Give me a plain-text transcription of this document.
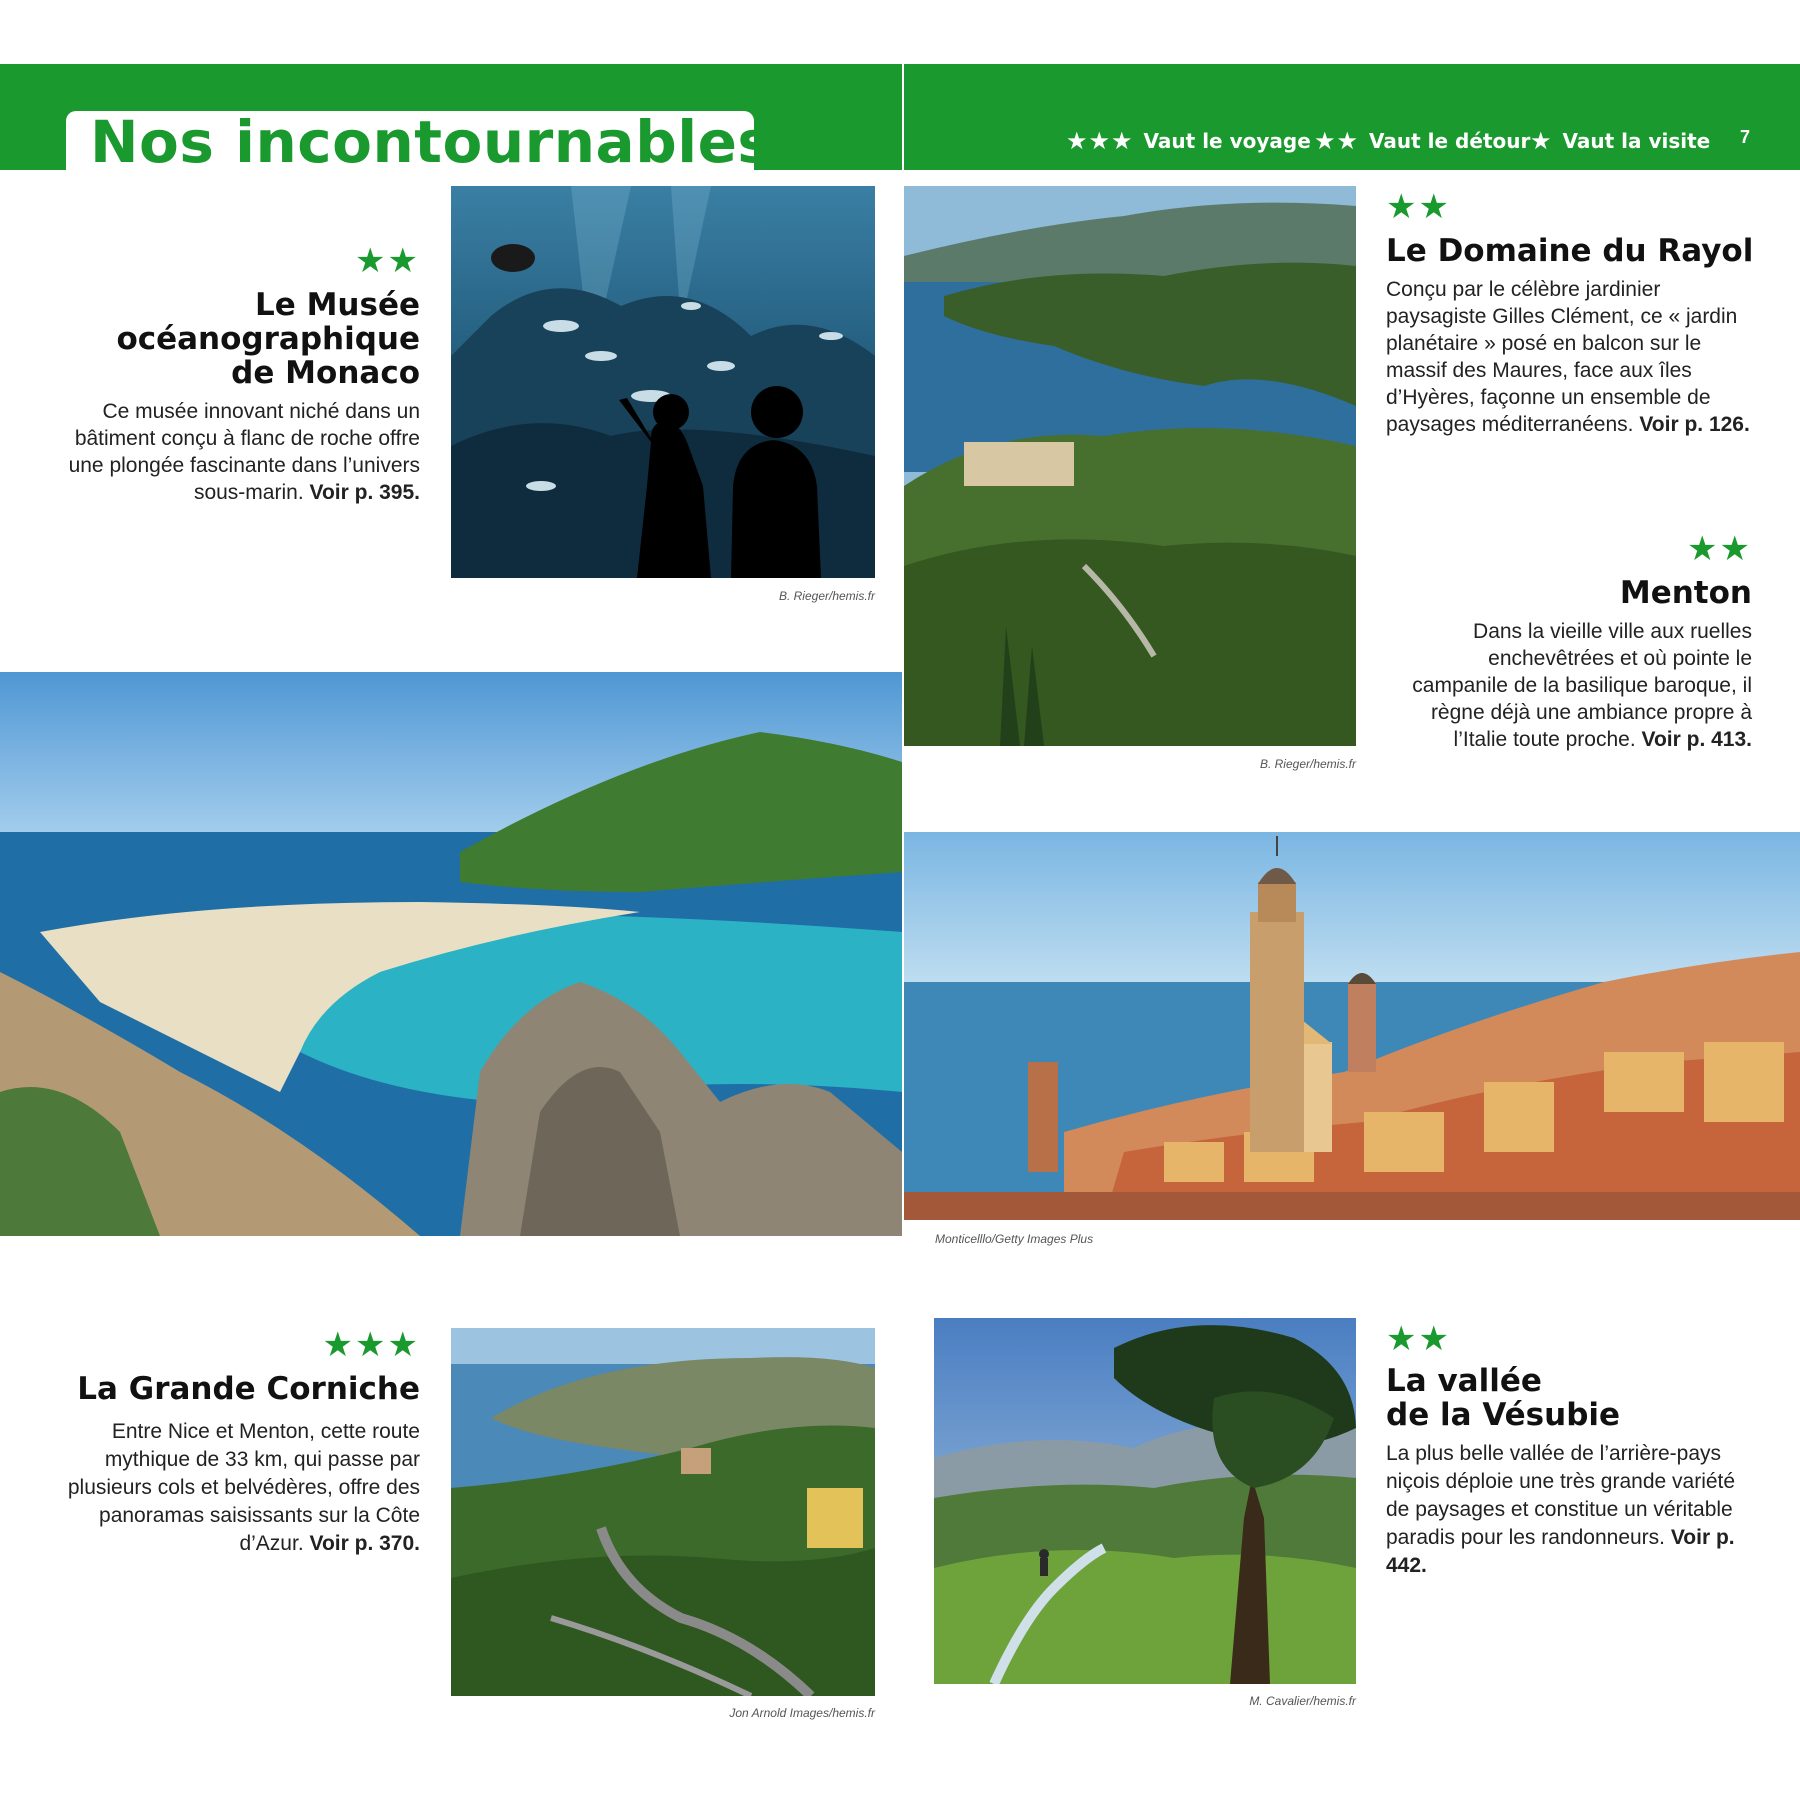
Nos incontournables	★★★ Vaut le voyage ★★ Vaut le détour ★ Vaut la visite 7
★★
Le Musée
océanographique
de Monaco
Ce musée innovant niché dans un bâtiment conçu à flanc de roche offre une plongée fascinante dans l’univers sous-marin. Voir p. 395.
B. Rieger/hemis.fr
B. Rieger/hemis.fr
★★
Le Domaine du Rayol
Conçu par le célèbre jardinier paysagiste Gilles Clément, ce « jardin planétaire » posé en balcon sur le massif des Maures, face aux îles d’Hyères, façonne un ensemble de paysages méditerranéens. Voir p. 126.
★★
Menton
Dans la vieille ville aux ruelles enchevêtrées et où pointe le campanile de la basilique baroque, il règne déjà une ambiance propre à l’Italie toute proche. Voir p. 413.
Monticelllo/Getty Images Plus
★★★
La Grande Corniche
Entre Nice et Menton, cette route mythique de 33 km, qui passe par plusieurs cols et belvédères, offre des panoramas saisissants sur la Côte d’Azur. Voir p. 370.
Jon Arnold Images/hemis.fr
M. Cavalier/hemis.fr
★★
La vallée
de la Vésubie
La plus belle vallée de l’arrière-pays niçois déploie une très grande variété de paysages et constitue un véritable paradis pour les randonneurs. Voir p. 442.
